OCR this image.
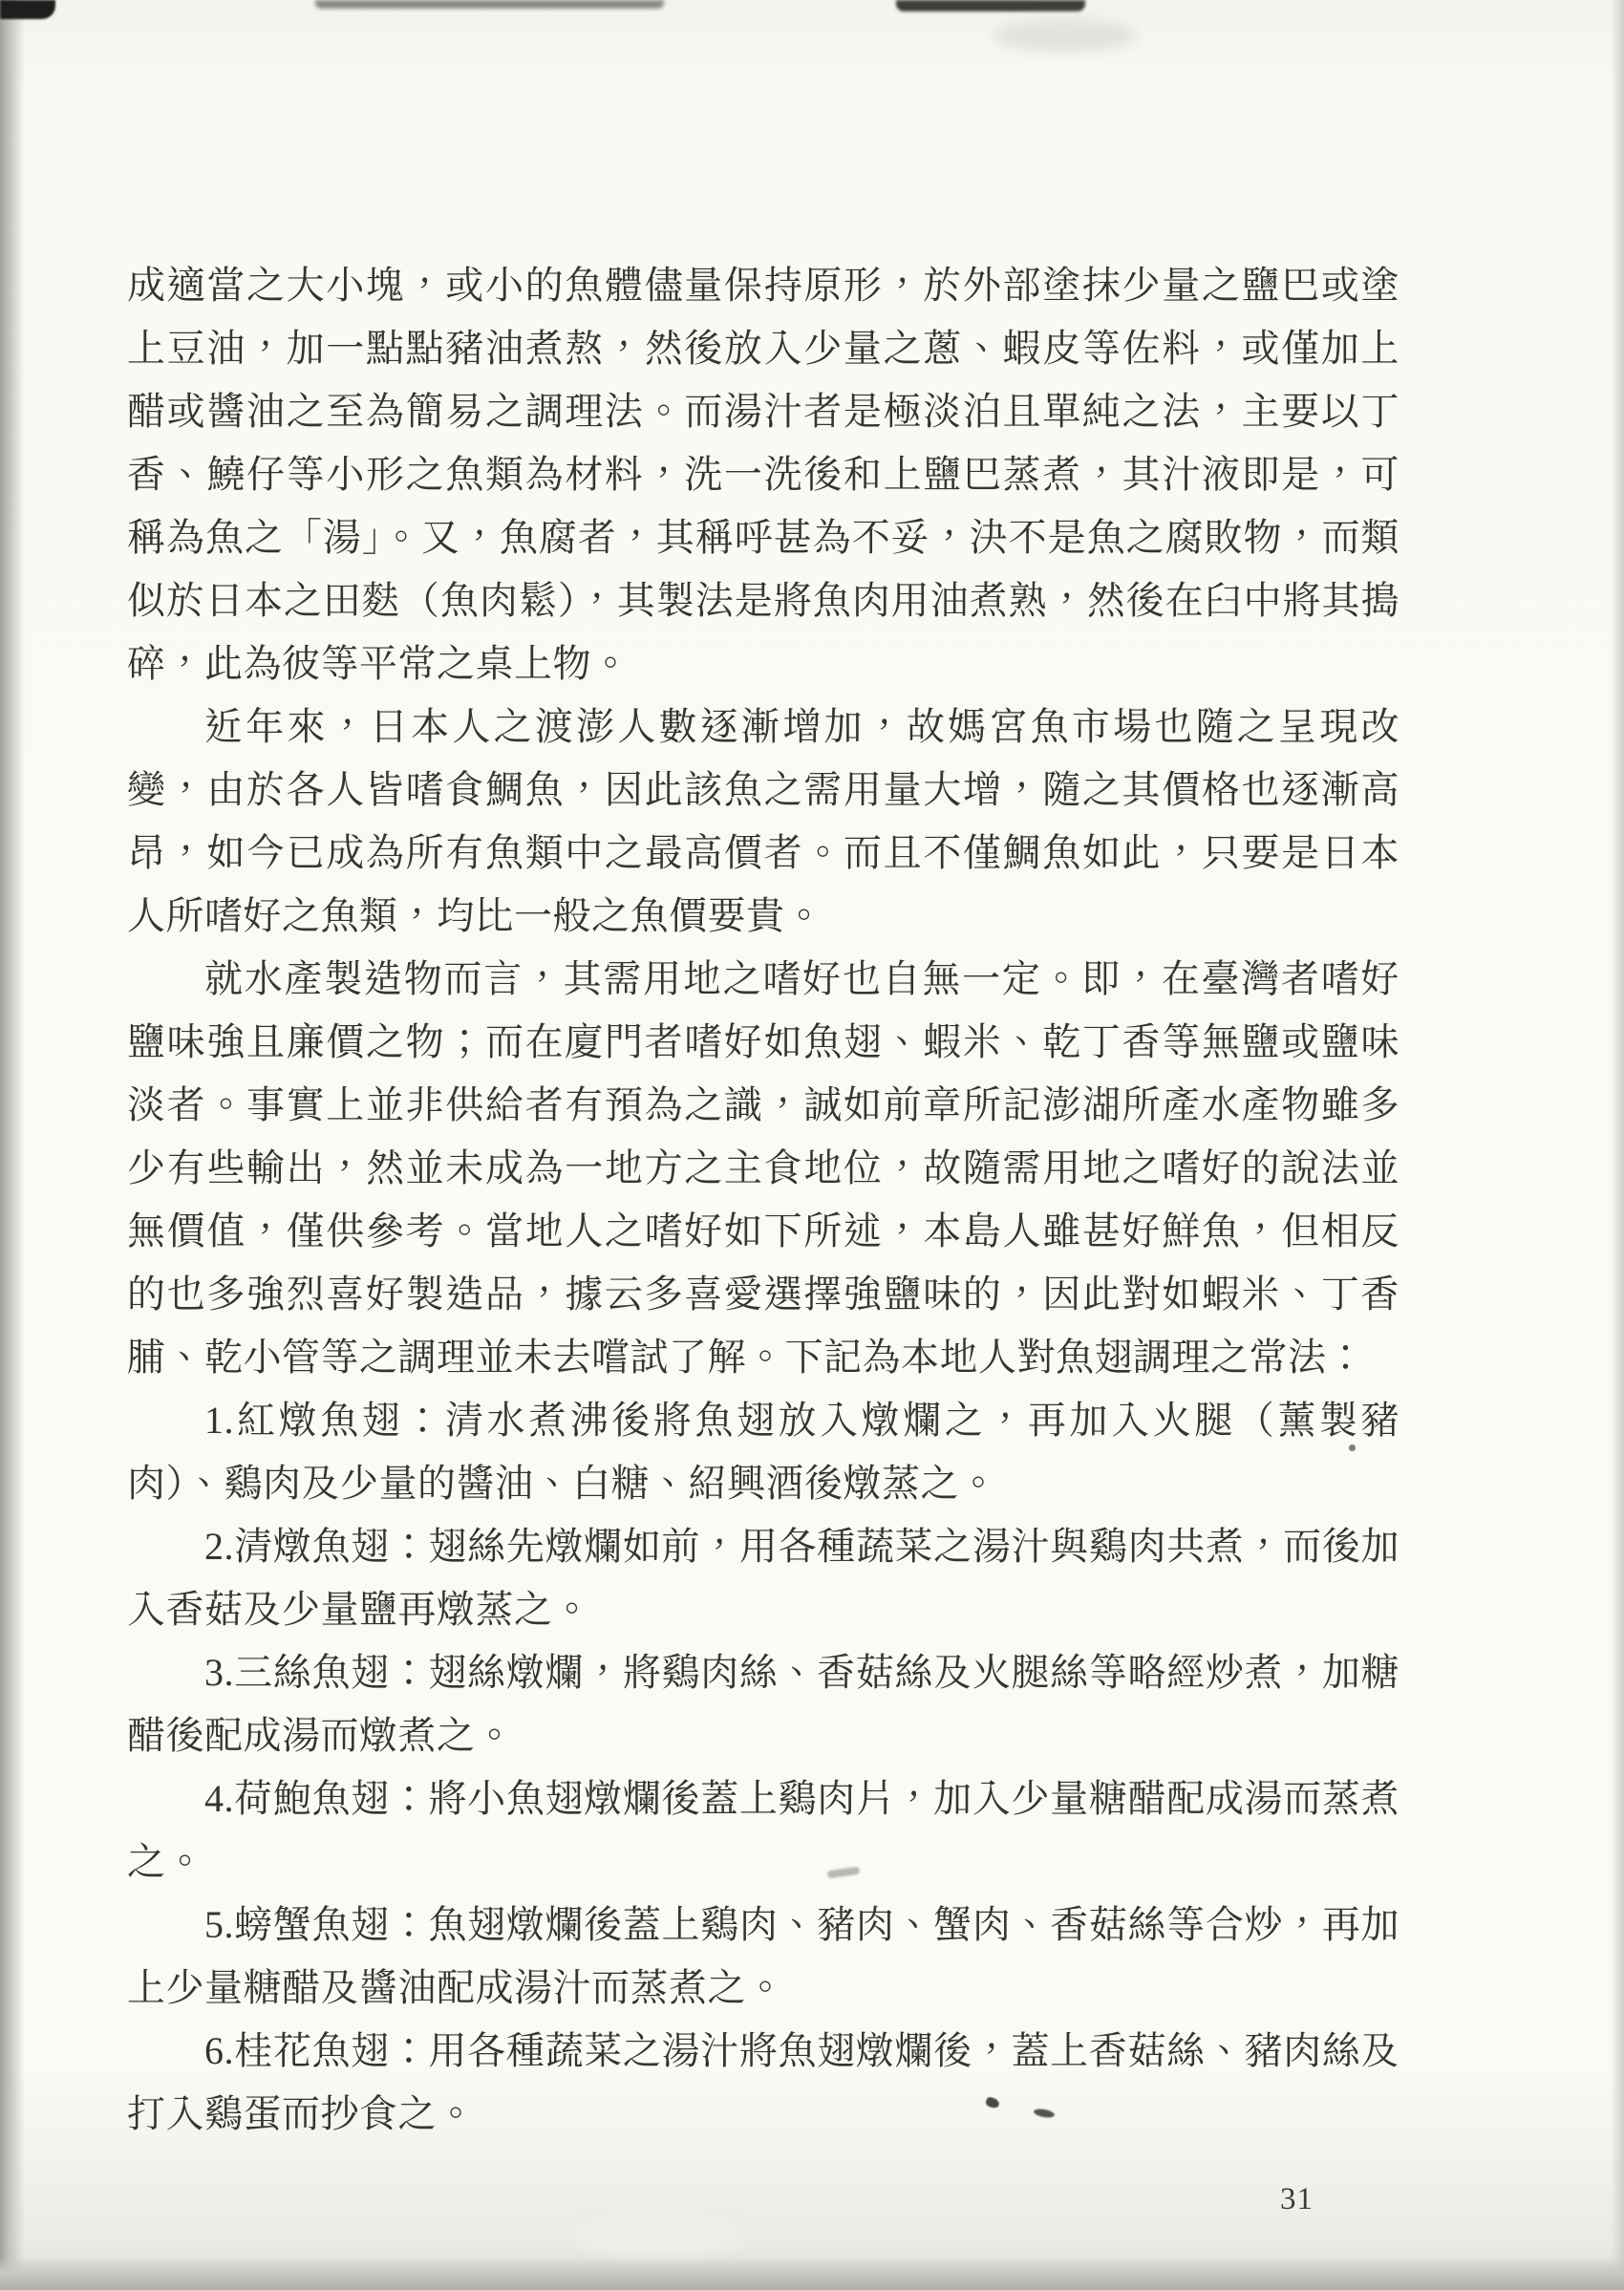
成適當之大小塊，或小的魚體儘量保持原形，於外部塗抹少量之鹽巴或塗上豆油，加一點點豬油煮熬，然後放入少量之蔥、蝦皮等佐料，或僅加上醋或醬油之至為簡易之調理法。而湯汁者是極淡泊且單純之法，主要以丁香、鱙仔等小形之魚類為材料，洗一洗後和上鹽巴蒸煮，其汁液即是，可稱為魚之「湯」。又，魚腐者，其稱呼甚為不妥，決不是魚之腐敗物，而類似於日本之田麩（魚肉鬆），其製法是將魚肉用油煮熟，然後在臼中將其搗碎，此為彼等平常之桌上物。

近年來，日本人之渡澎人數逐漸增加，故媽宮魚市場也隨之呈現改變，由於各人皆嗜食鯛魚，因此該魚之需用量大增，隨之其價格也逐漸高昂，如今已成為所有魚類中之最高價者。而且不僅鯛魚如此，只要是日本人所嗜好之魚類，均比一般之魚價要貴。

就水產製造物而言，其需用地之嗜好也自無一定。即，在臺灣者嗜好鹽味強且廉價之物；而在廈門者嗜好如魚翅、蝦米、乾丁香等無鹽或鹽味淡者。事實上並非供給者有預為之識，誠如前章所記澎湖所產水產物雖多少有些輸出，然並未成為一地方之主食地位，故隨需用地之嗜好的說法並無價值，僅供參考。當地人之嗜好如下所述，本島人雖甚好鮮魚，但相反的也多強烈喜好製造品，據云多喜愛選擇強鹽味的，因此對如蝦米、丁香脯、乾小管等之調理並未去嚐試了解。下記為本地人對魚翅調理之常法：

1.紅燉魚翅：清水煮沸後將魚翅放入燉爛之，再加入火腿（薰製豬肉）、鷄肉及少量的醬油、白糖、紹興酒後燉蒸之。

2.清燉魚翅：翅絲先燉爛如前，用各種蔬菜之湯汁與鷄肉共煮，而後加入香菇及少量鹽再燉蒸之。

3.三絲魚翅：翅絲燉爛，將鷄肉絲、香菇絲及火腿絲等略經炒煮，加糖醋後配成湯而燉煮之。

4.荷鮑魚翅：將小魚翅燉爛後蓋上鷄肉片，加入少量糖醋配成湯而蒸煮之。

5.螃蟹魚翅：魚翅燉爛後蓋上鷄肉、豬肉、蟹肉、香菇絲等合炒，再加上少量糖醋及醬油配成湯汁而蒸煮之。

6.桂花魚翅：用各種蔬菜之湯汁將魚翅燉爛後，蓋上香菇絲、豬肉絲及打入鷄蛋而抄食之。

31
